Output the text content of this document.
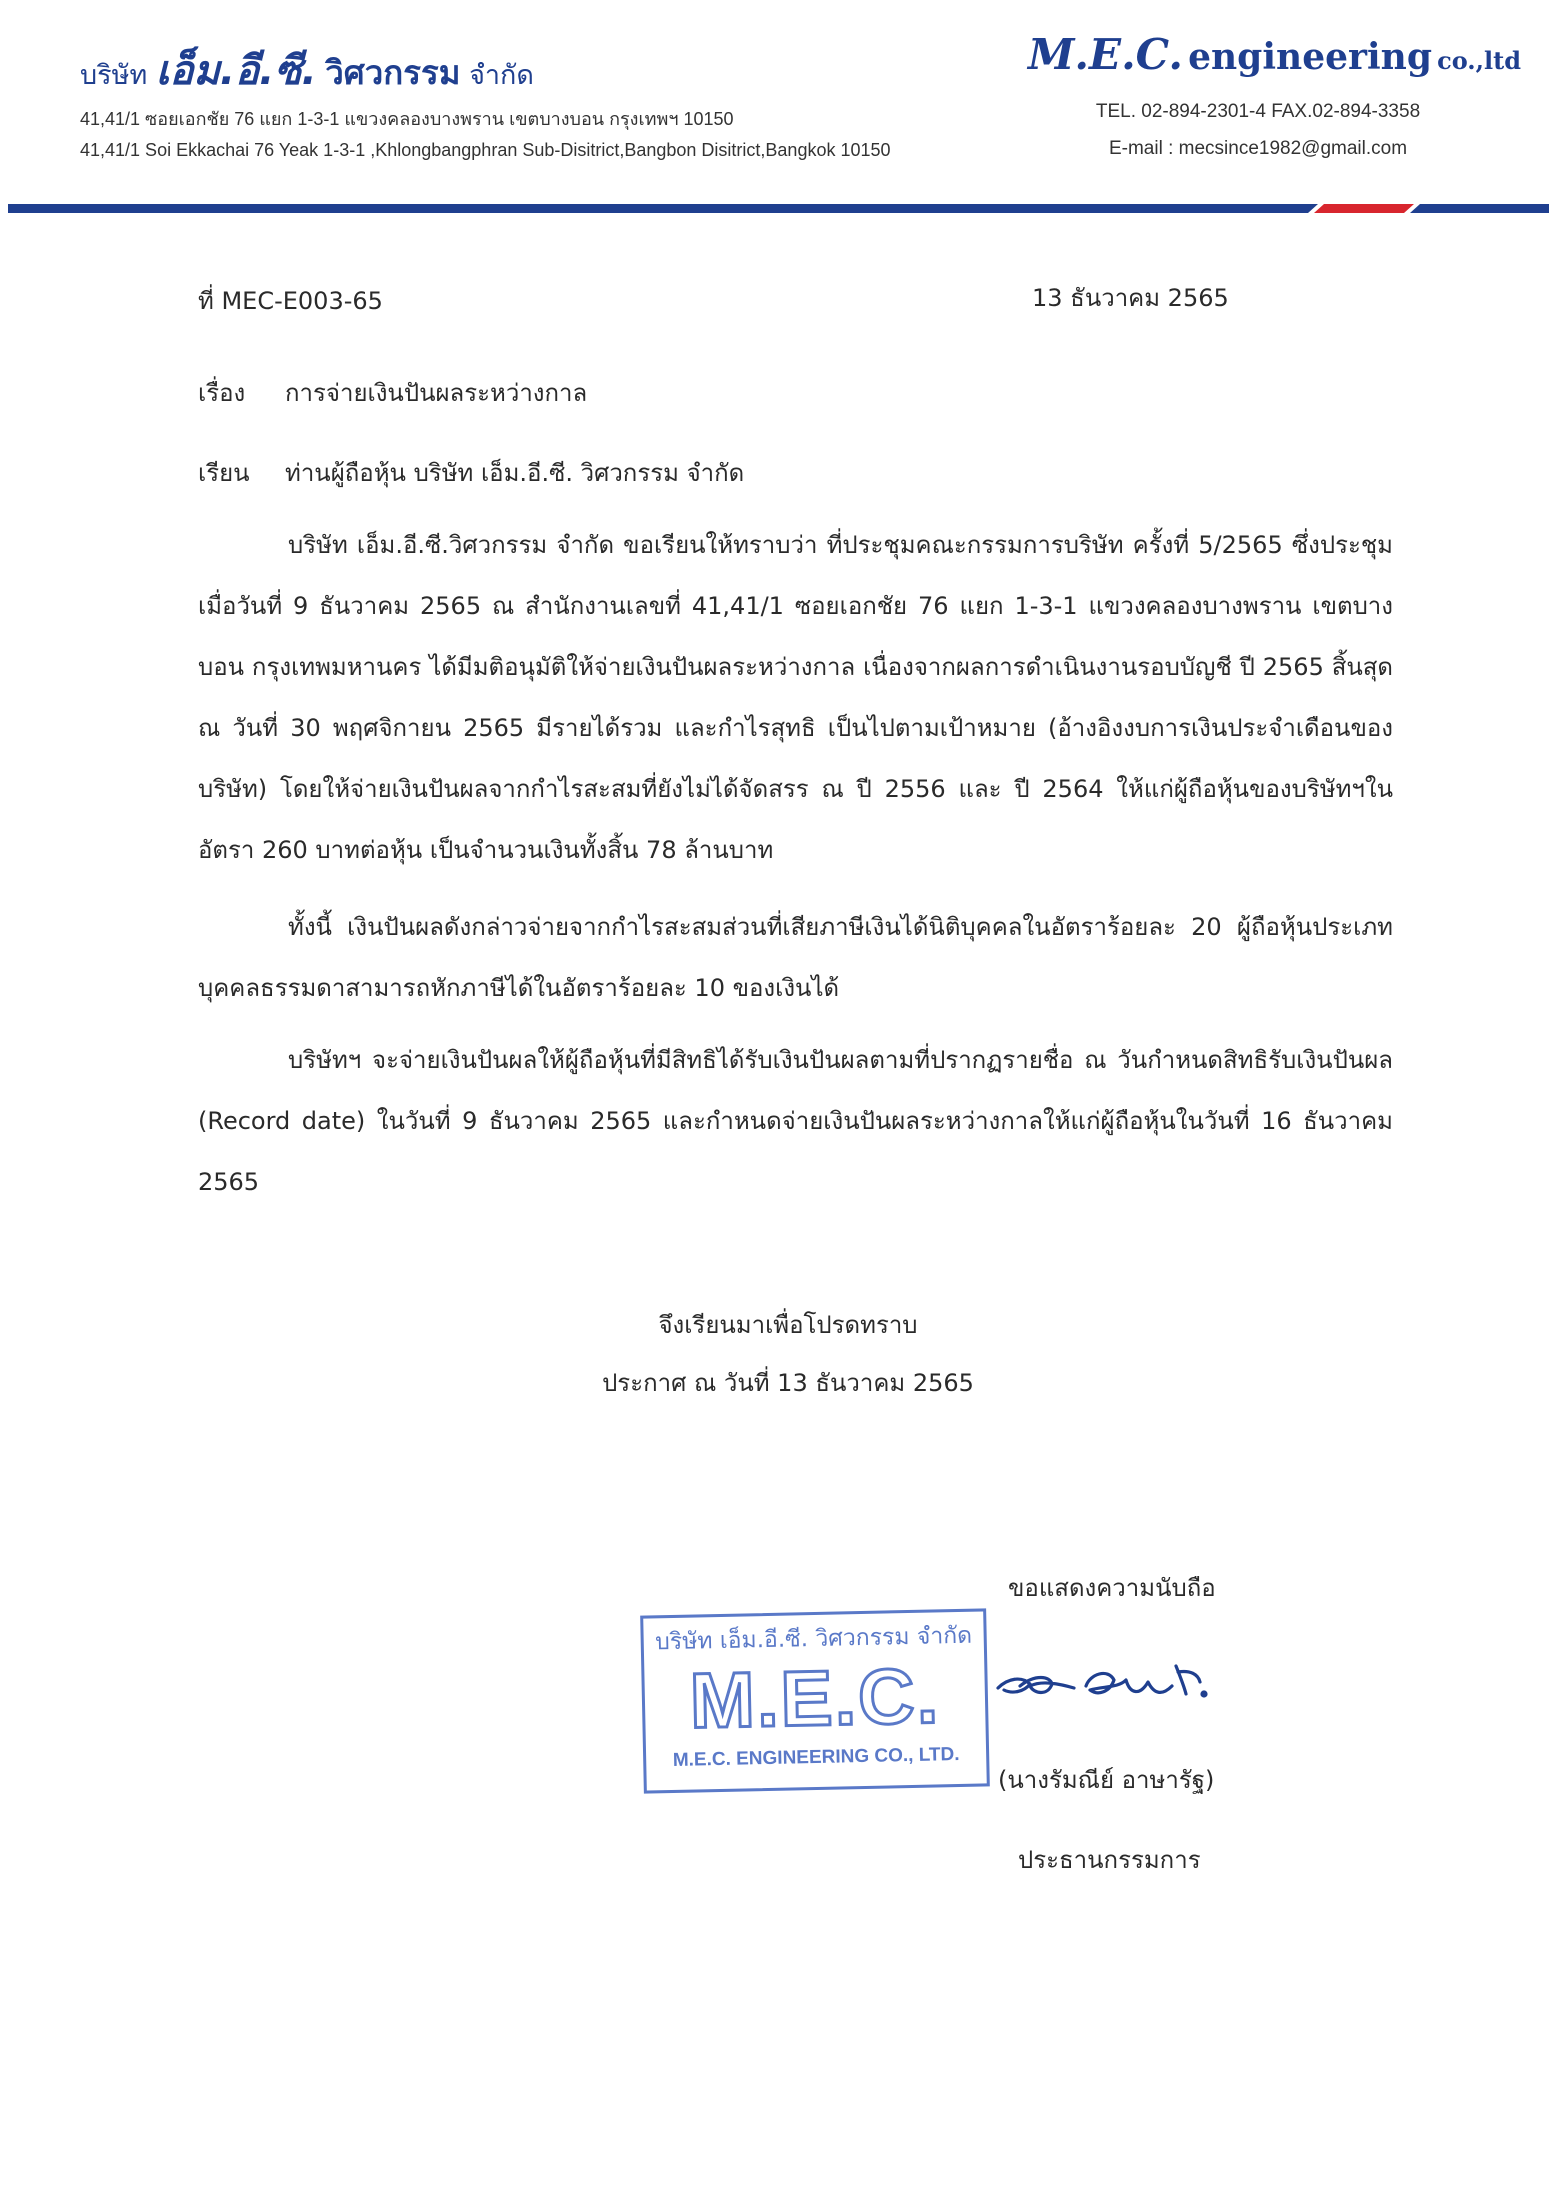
บริษัท เอ็ม.อี.ซี. วิศวกรรม จำกัด	M.E.C. engineering co.,ltd
41,41/1 ซอยเอกชัย 76 แยก 1-3-1 แขวงคลองบางพราน เขตบางบอน กรุงเทพฯ 10150
41,41/1 Soi Ekkachai 76 Yeak 1-3-1 ,Khlongbangphran Sub-Disitrict,Bangbon Disitrict,Bangkok 10150
TEL. 02-894-2301-4 FAX.02-894-3358
E-mail : mecsince1982@gmail.com
ที่ MEC-E003-65	13 ธันวาคม 2565
เรื่อง การจ่ายเงินปันผลระหว่างกาล
เรียน ท่านผู้ถือหุ้น บริษัท เอ็ม.อี.ซี. วิศวกรรม จำกัด
บริษัท เอ็ม.อี.ซี.วิศวกรรม จำกัด ขอเรียนให้ทราบว่า ที่ประชุมคณะกรรมการบริษัท ครั้งที่ 5/2565 ซึ่งประชุมเมื่อวันที่ 9 ธันวาคม 2565 ณ สำนักงานเลขที่ 41,41/1 ซอยเอกชัย 76 แยก 1-3-1 แขวงคลองบางพราน เขตบางบอน กรุงเทพมหานคร ได้มีมติอนุมัติให้จ่ายเงินปันผลระหว่างกาล เนื่องจากผลการดำเนินงานรอบบัญชี ปี 2565 สิ้นสุด ณ วันที่ 30 พฤศจิกายน 2565 มีรายได้รวม และกำไรสุทธิ เป็นไปตามเป้าหมาย (อ้างอิงงบการเงินประจำเดือนของบริษัท) โดยให้จ่ายเงินปันผลจากกำไรสะสมที่ยังไม่ได้จัดสรร ณ ปี 2556 และ ปี 2564 ให้แก่ผู้ถือหุ้นของบริษัทฯในอัตรา 260 บาทต่อหุ้น เป็นจำนวนเงินทั้งสิ้น 78 ล้านบาท
ทั้งนี้ เงินปันผลดังกล่าวจ่ายจากกำไรสะสมส่วนที่เสียภาษีเงินได้นิติบุคคลในอัตราร้อยละ 20 ผู้ถือหุ้นประเภทบุคคลธรรมดาสามารถหักภาษีได้ในอัตราร้อยละ 10 ของเงินได้
บริษัทฯ จะจ่ายเงินปันผลให้ผู้ถือหุ้นที่มีสิทธิได้รับเงินปันผลตามที่ปรากฏรายชื่อ ณ วันกำหนดสิทธิรับเงินปันผล (Record date) ในวันที่ 9 ธันวาคม 2565 และกำหนดจ่ายเงินปันผลระหว่างกาลให้แก่ผู้ถือหุ้นในวันที่ 16 ธันวาคม 2565
จึงเรียนมาเพื่อโปรดทราบ
ประกาศ ณ วันที่ 13 ธันวาคม 2565
ขอแสดงความนับถือ
บริษัท เอ็ม.อี.ซี. วิศวกรรม จำกัด
M.E.C.
M.E.C. ENGINEERING CO., LTD.
(นางรัมณีย์ อาษารัฐ)
ประธานกรรมการ
